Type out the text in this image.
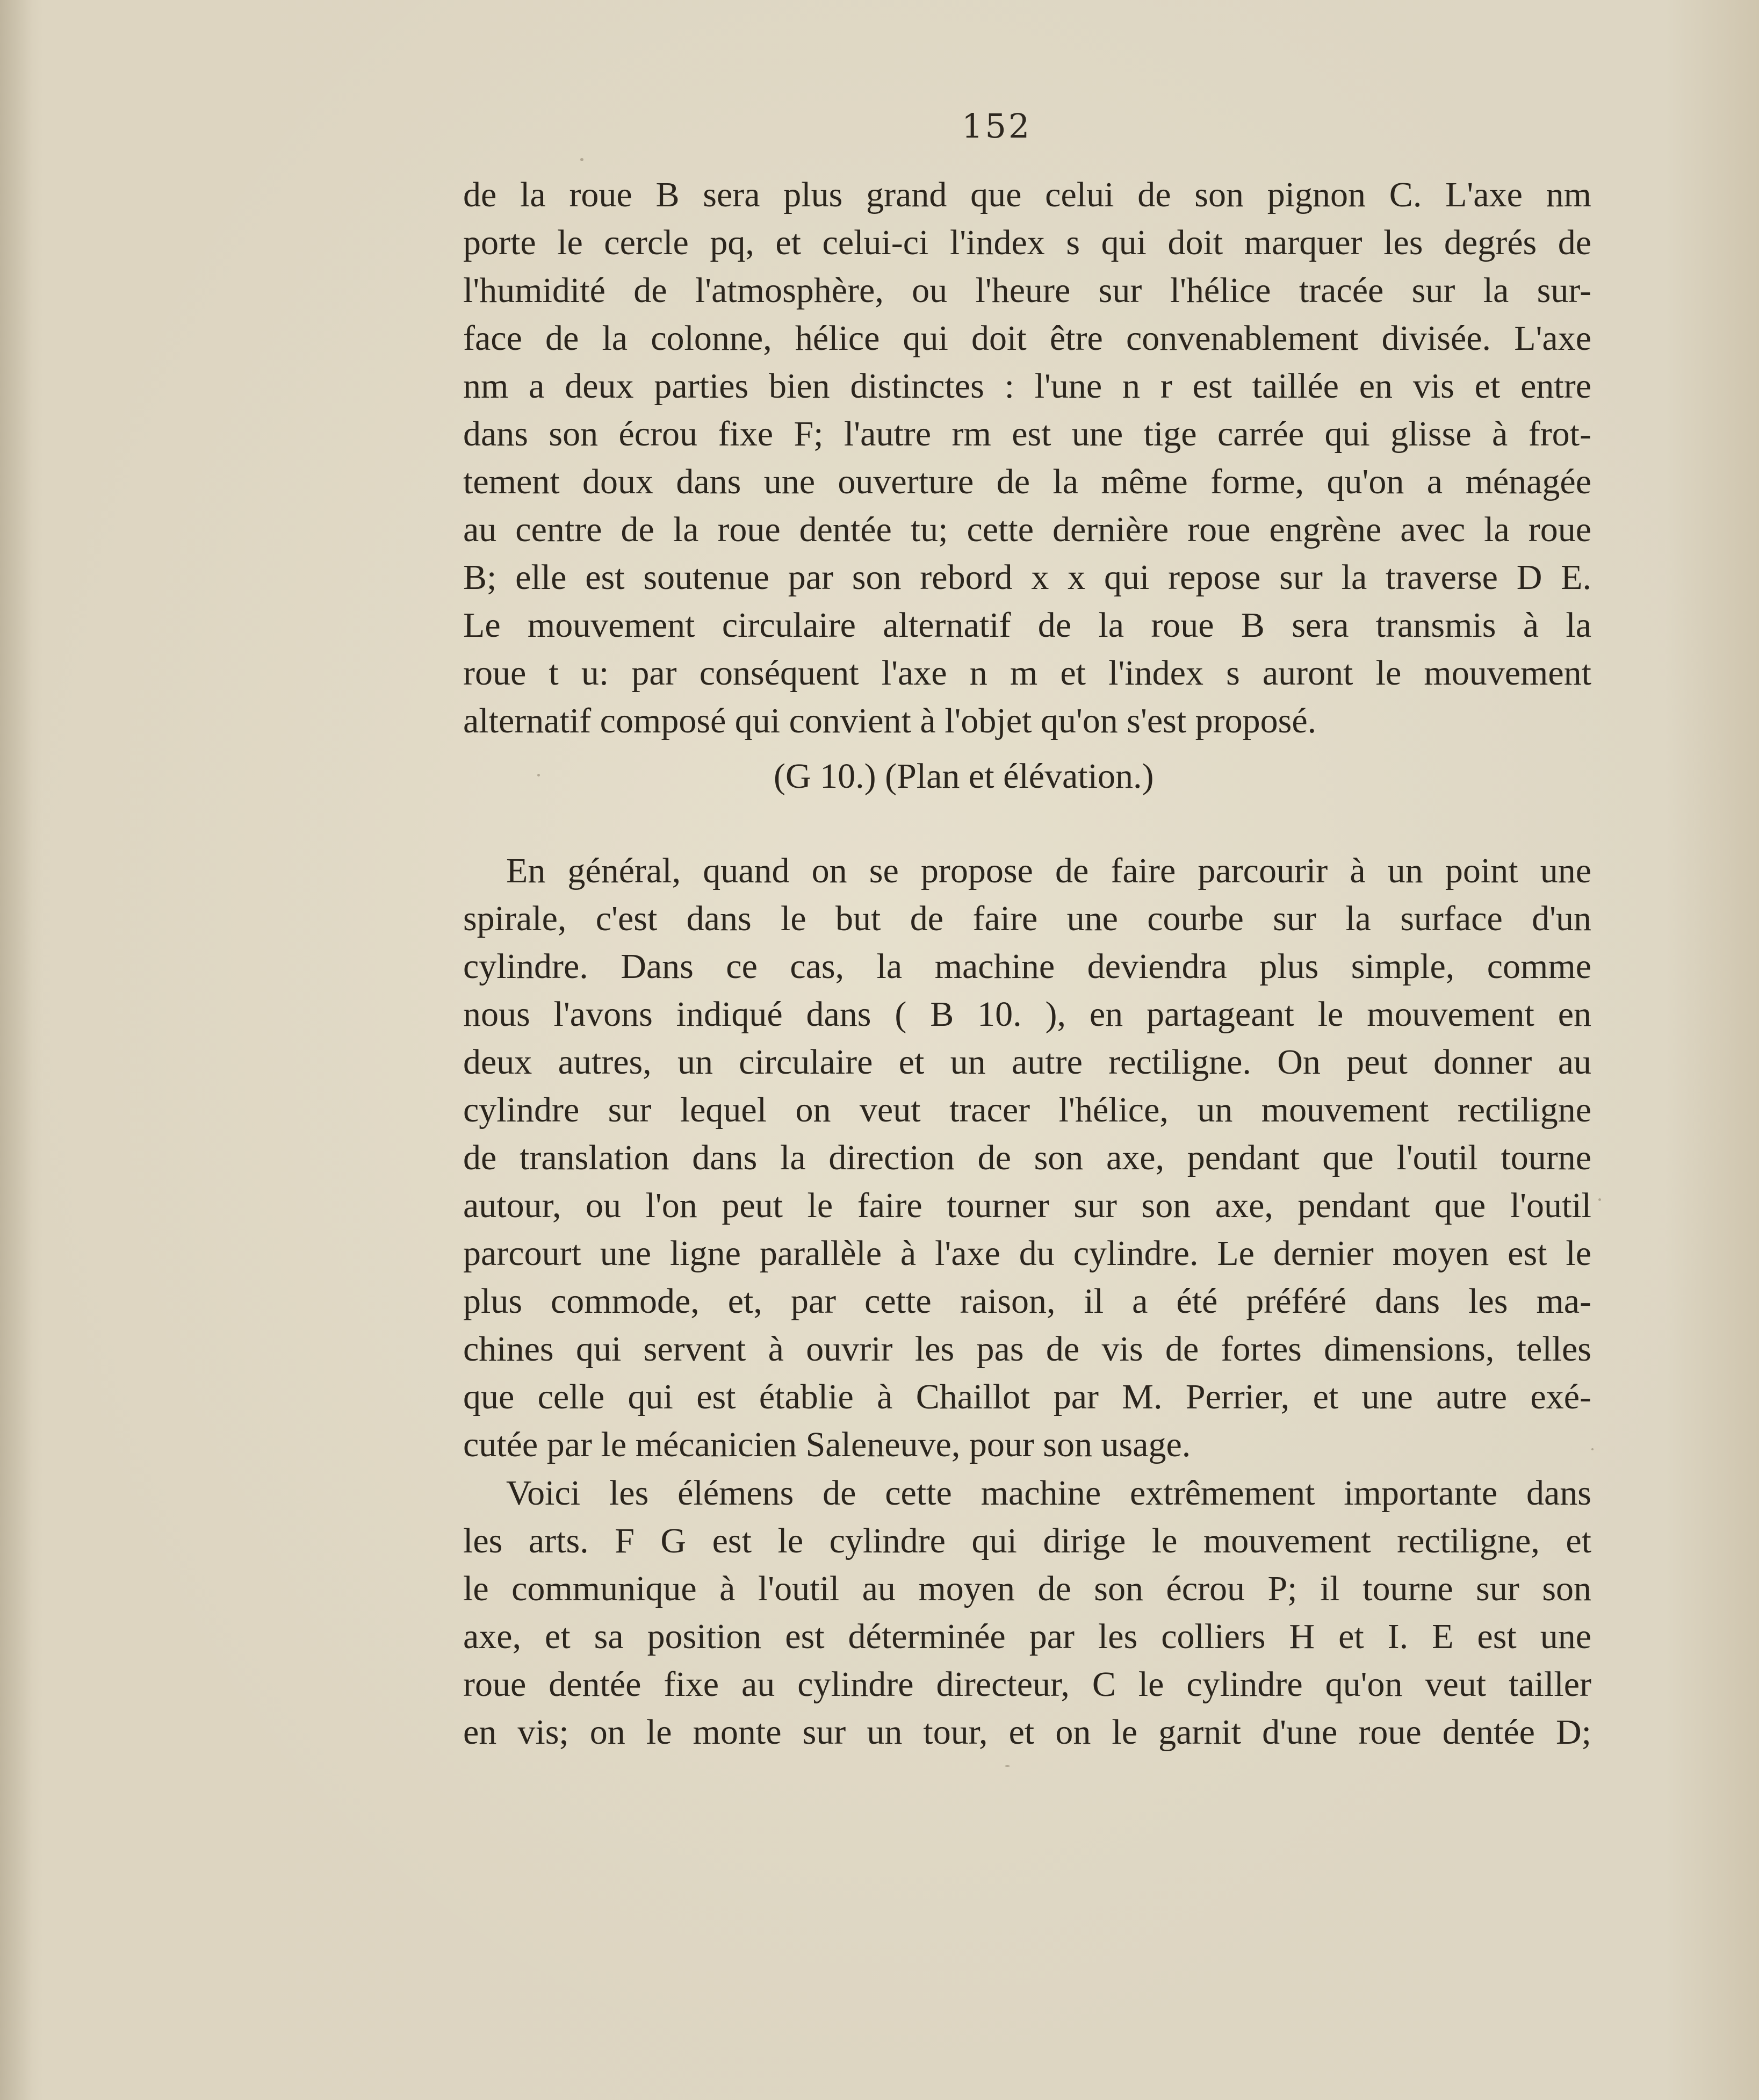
152
de la roue B sera plus grand que celui de son pignon C. L'axe nm
porte le cercle pq, et celui-ci l'index s qui doit marquer les degrés de
l'humidité de l'atmosphère, ou l'heure sur l'hélice tracée sur la sur-
face de la colonne, hélice qui doit être convenablement divisée. L'axe
nm a deux parties bien distinctes : l'une n r est taillée en vis et entre
dans son écrou fixe F; l'autre rm est une tige carrée qui glisse à frot-
tement doux dans une ouverture de la même forme, qu'on a ménagée
au centre de la roue dentée tu; cette dernière roue engrène avec la roue
B; elle est soutenue par son rebord x x qui repose sur la traverse D E.
Le mouvement circulaire alternatif de la roue B sera transmis à la
roue t u: par conséquent l'axe n m et l'index s auront le mouvement
alternatif composé qui convient à l'objet qu'on s'est proposé.
(G 10.) (Plan et élévation.)
En général, quand on se propose de faire parcourir à un point une
spirale, c'est dans le but de faire une courbe sur la surface d'un
cylindre. Dans ce cas, la machine deviendra plus simple, comme
nous l'avons indiqué dans ( B 10. ), en partageant le mouvement en
deux autres, un circulaire et un autre rectiligne. On peut donner au
cylindre sur lequel on veut tracer l'hélice, un mouvement rectiligne
de translation dans la direction de son axe, pendant que l'outil tourne
autour, ou l'on peut le faire tourner sur son axe, pendant que l'outil
parcourt une ligne parallèle à l'axe du cylindre. Le dernier moyen est le
plus commode, et, par cette raison, il a été préféré dans les ma-
chines qui servent à ouvrir les pas de vis de fortes dimensions, telles
que celle qui est établie à Chaillot par M. Perrier, et une autre exé-
cutée par le mécanicien Saleneuve, pour son usage.
Voici les élémens de cette machine extrêmement importante dans
les arts. F G est le cylindre qui dirige le mouvement rectiligne, et
le communique à l'outil au moyen de son écrou P; il tourne sur son
axe, et sa position est déterminée par les colliers H et I. E est une
roue dentée fixe au cylindre directeur, C le cylindre qu'on veut tailler
en vis; on le monte sur un tour, et on le garnit d'une roue dentée D;
